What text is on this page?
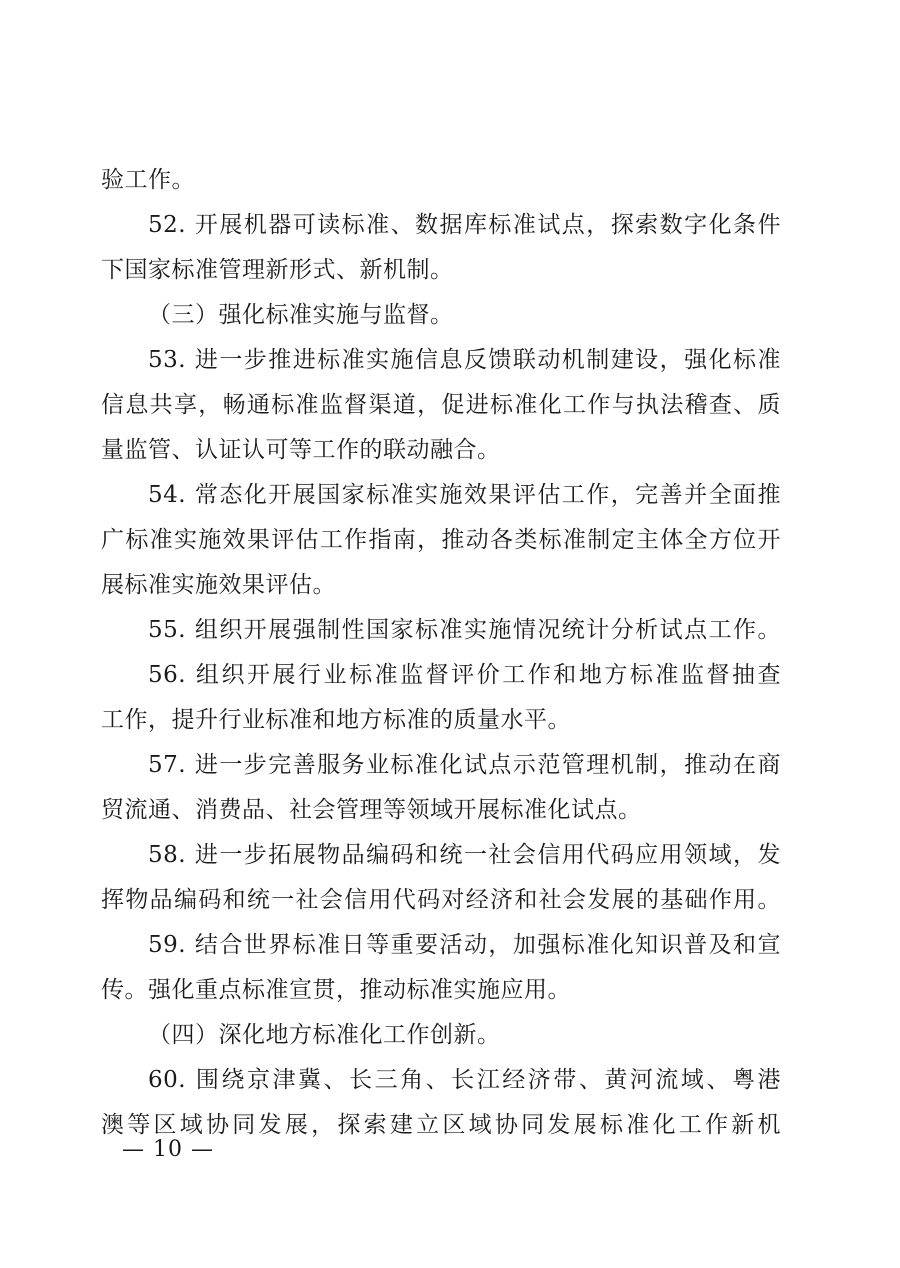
验工作。
52. 开展机器可读标准、数据库标准试点，探索数字化条件
下国家标准管理新形式、新机制。
（三）强化标准实施与监督。
53. 进一步推进标准实施信息反馈联动机制建设，强化标准
信息共享，畅通标准监督渠道，促进标准化工作与执法稽查、质
量监管、认证认可等工作的联动融合。
54. 常态化开展国家标准实施效果评估工作，完善并全面推
广标准实施效果评估工作指南，推动各类标准制定主体全方位开
展标准实施效果评估。
55. 组织开展强制性国家标准实施情况统计分析试点工作。
56. 组织开展行业标准监督评价工作和地方标准监督抽查
工作，提升行业标准和地方标准的质量水平。
57. 进一步完善服务业标准化试点示范管理机制，推动在商
贸流通、消费品、社会管理等领域开展标准化试点。
58. 进一步拓展物品编码和统一社会信用代码应用领域，发
挥物品编码和统一社会信用代码对经济和社会发展的基础作用。
59. 结合世界标准日等重要活动，加强标准化知识普及和宣
传。强化重点标准宣贯，推动标准实施应用。
（四）深化地方标准化工作创新。
60. 围绕京津冀、长三角、长江经济带、黄河流域、粤港
澳等区域协同发展，探索建立区域协同发展标准化工作新机
— 10 —
